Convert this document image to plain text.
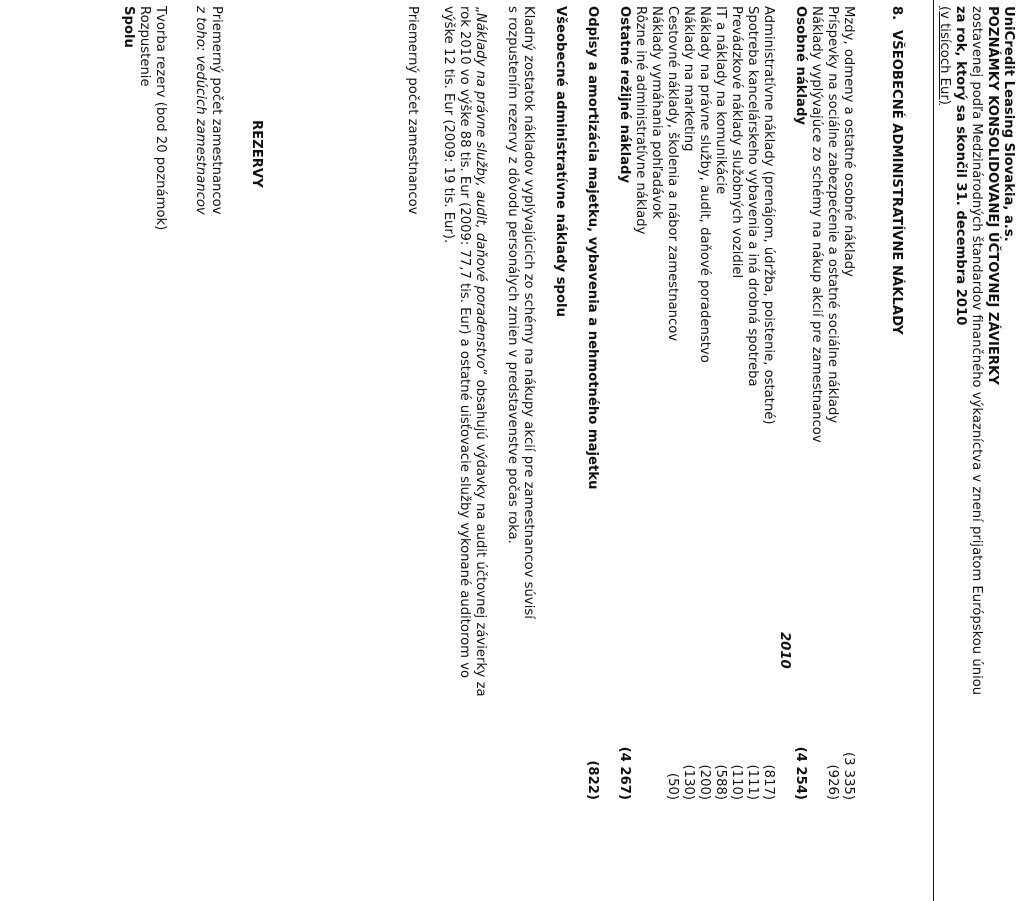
UniCredit Leasing Slovakia, a.s.
POZNÁMKY KONSOLIDOVANEJ ÚČTOVNEJ ZÁVIERKY
zostavenej podľa Medzinárodných štandardov finančného výkazníctva v znení prijatom Európskou úniou
za rok, ktorý sa skončil 31. decembra 2010
(v tisícoch Eur)
8.
VŠEOBECNÉ ADMINISTRATÍVNE NÁKLADY
2010
Mzdy, odmeny a ostatné osobné náklady
(3 335)
Príspevky na sociálne zabezpečenie a ostatné sociálne náklady
(926)
Náklady vyplývajúce zo schémy na nákup akcií pre zamestnancov
Osobné náklady
(4 254)
Administratívne náklady (prenájom, údržba, poistenie, ostatné)
(817)
Spotreba kancelárskeho vybavenia a iná drobná spotreba
(111)
Prevádzkové náklady služobných vozidiel
(110)
IT a náklady na komunikácie
(588)
Náklady na právne služby, audit, daňové poradenstvo
(200)
Náklady na marketing
(130)
Cestovné náklady, školenia a nábor zamestnancov
(50)
Náklady vymáhania pohľadávok
Rôzne iné administratívne náklady
Ostatné režijné náklady
(4 267)
Odpisy a amortizácia majetku, vybavenia a nehmotného majetku
(822)
Všeobecné administratívne náklady spolu
Kladný zostatok nákladov vyplývajúcich zo schémy na nákupy akcií pre zamestnancov súvisí
s rozpustením rezervy z dôvodu personálych zmien v predstavenstve počas roka.
„Náklady na právne služby, audit, daňové poradenstvo“ obsahujú výdavky na audit účtovnej závierky za
rok 2010 vo výške 88 tis. Eur (2009: 77,7 tis. Eur) a ostatné uisťovacie služby vykonané auditorom vo
výške 12 tis. Eur (2009: 19 tis. Eur).
Priemerný počet zamestnancov
REZERVY
Priemerný počet zamestnancov
z toho: vedúcich zamestnancov
Tvorba rezerv (bod 20 poznámok)
Rozpustenie
Spolu
